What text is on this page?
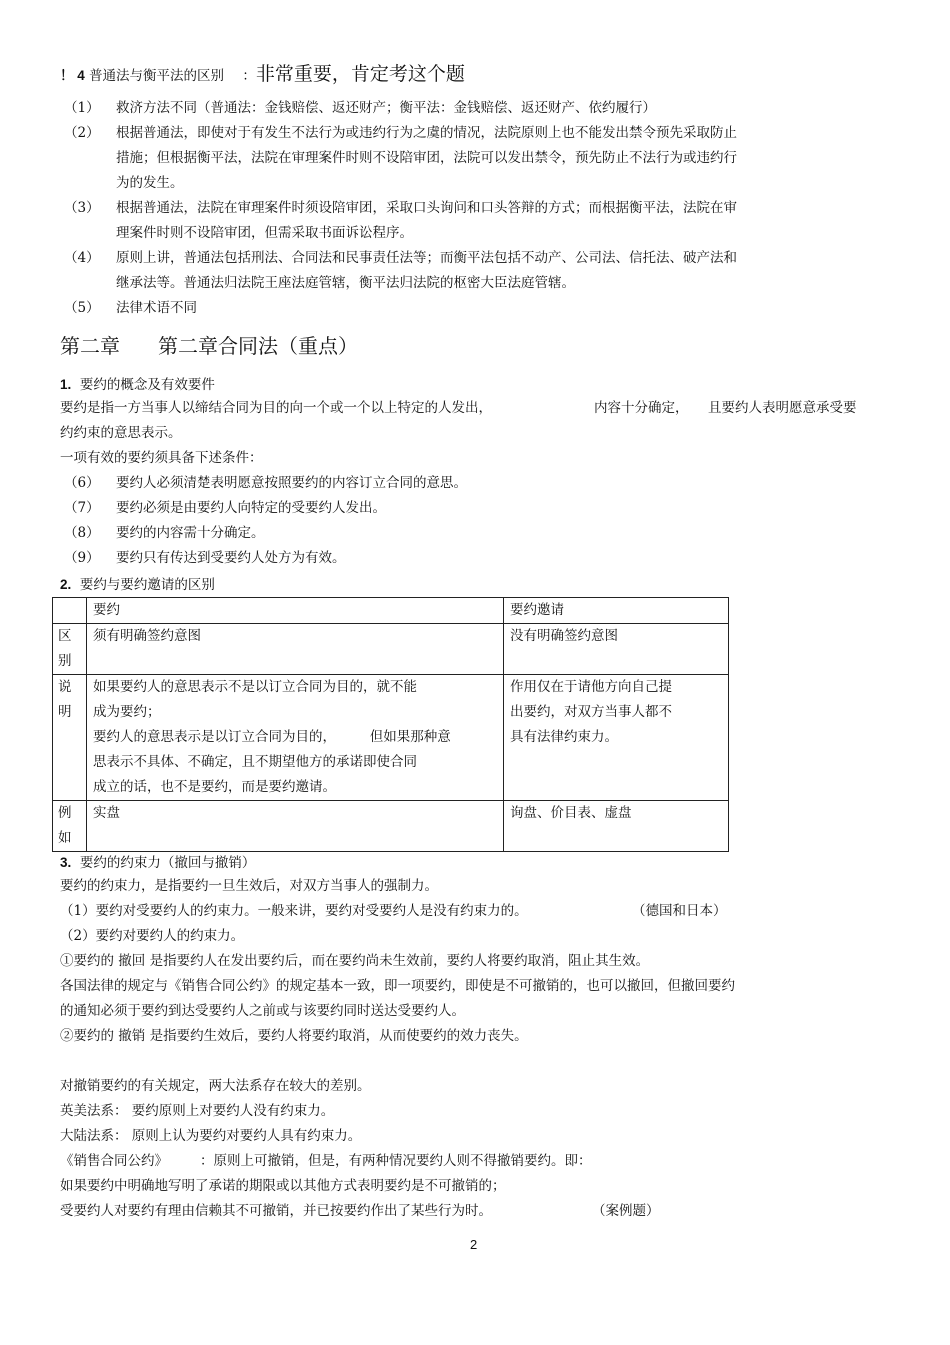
！ 4 普通法与衡平法的区别 ：非常重要，肯定考这个题
（1） 救济方法不同（普通法：金钱赔偿、返还财产；衡平法：金钱赔偿、返还财产、依约履行）
（2） 根据普通法，即使对于有发生不法行为或违约行为之虞的情况，法院原则上也不能发出禁令预先采取防止
措施；但根据衡平法，法院在审理案件时则不设陪审团，法院可以发出禁令，预先防止不法行为或违约行
为的发生。
（3） 根据普通法，法院在审理案件时须设陪审团，采取口头询问和口头答辩的方式；而根据衡平法，法院在审
理案件时则不设陪审团，但需采取书面诉讼程序。
（4） 原则上讲，普通法包括刑法、合同法和民事责任法等；而衡平法包括不动产、公司法、信托法、破产法和
继承法等。普通法归法院王座法庭管辖，衡平法归法院的枢密大臣法庭管辖。
（5） 法律术语不同
第二章 第二章合同法（重点）
1. 要约的概念及有效要件
要约是指一方当事人以缔结合同为目的向一个或一个以上特定的人发出，	内容十分确定， 且要约人表明愿意承受要
约约束的意思表示。
一项有效的要约须具备下述条件：
（6） 要约人必须清楚表明愿意按照要约的内容订立合同的意思。
（7） 要约必须是由要约人向特定的受要约人发出。
（8） 要约的内容需十分确定。
（9） 要约只有传达到受要约人处方为有效。
2. 要约与要约邀请的区别
	要约	要约邀请

区
别	须有明确签约意图	没有明确签约意图

说
明	如果要约人的意思表示不是以订立合同为目的，就不能
成为要约；
要约人的意思表示是以订立合同为目的，　　　但如果那种意
思表示不具体、不确定，且不期望他方的承诺即使合同
成立的话，也不是要约，而是要约邀请。	作用仅在于请他方向自己提
出要约，对双方当事人都不
具有法律约束力。

例
如	实盘	询盘、价目表、虚盘
3. 要约的约束力（撤回与撤销）
要约的约束力，是指要约一旦生效后，对双方当事人的强制力。
（1）要约对受要约人的约束力。一般来讲，要约对受要约人是没有约束力的。	（德国和日本）
（2）要约对要约人的约束力。
①要约的 撤回 是指要约人在发出要约后，而在要约尚未生效前，要约人将要约取消，阻止其生效。
各国法律的规定与《销售合同公约》的规定基本一致，即一项要约，即使是不可撤销的，也可以撤回，但撤回要约
的通知必须于要约到达受要约人之前或与该要约同时送达受要约人。
②要约的 撤销 是指要约生效后，要约人将要约取消，从而使要约的效力丧失。
对撤销要约的有关规定，两大法系存在较大的差别。
英美法系： 要约原则上对要约人没有约束力。
大陆法系： 原则上认为要约对要约人具有约束力。
《销售合同公约》 ：原则上可撤销，但是，有两种情况要约人则不得撤销要约。即：
如果要约中明确地写明了承诺的期限或以其他方式表明要约是不可撤销的；
受要约人对要约有理由信赖其不可撤销，并已按要约作出了某些行为时。	（案例题）
2
